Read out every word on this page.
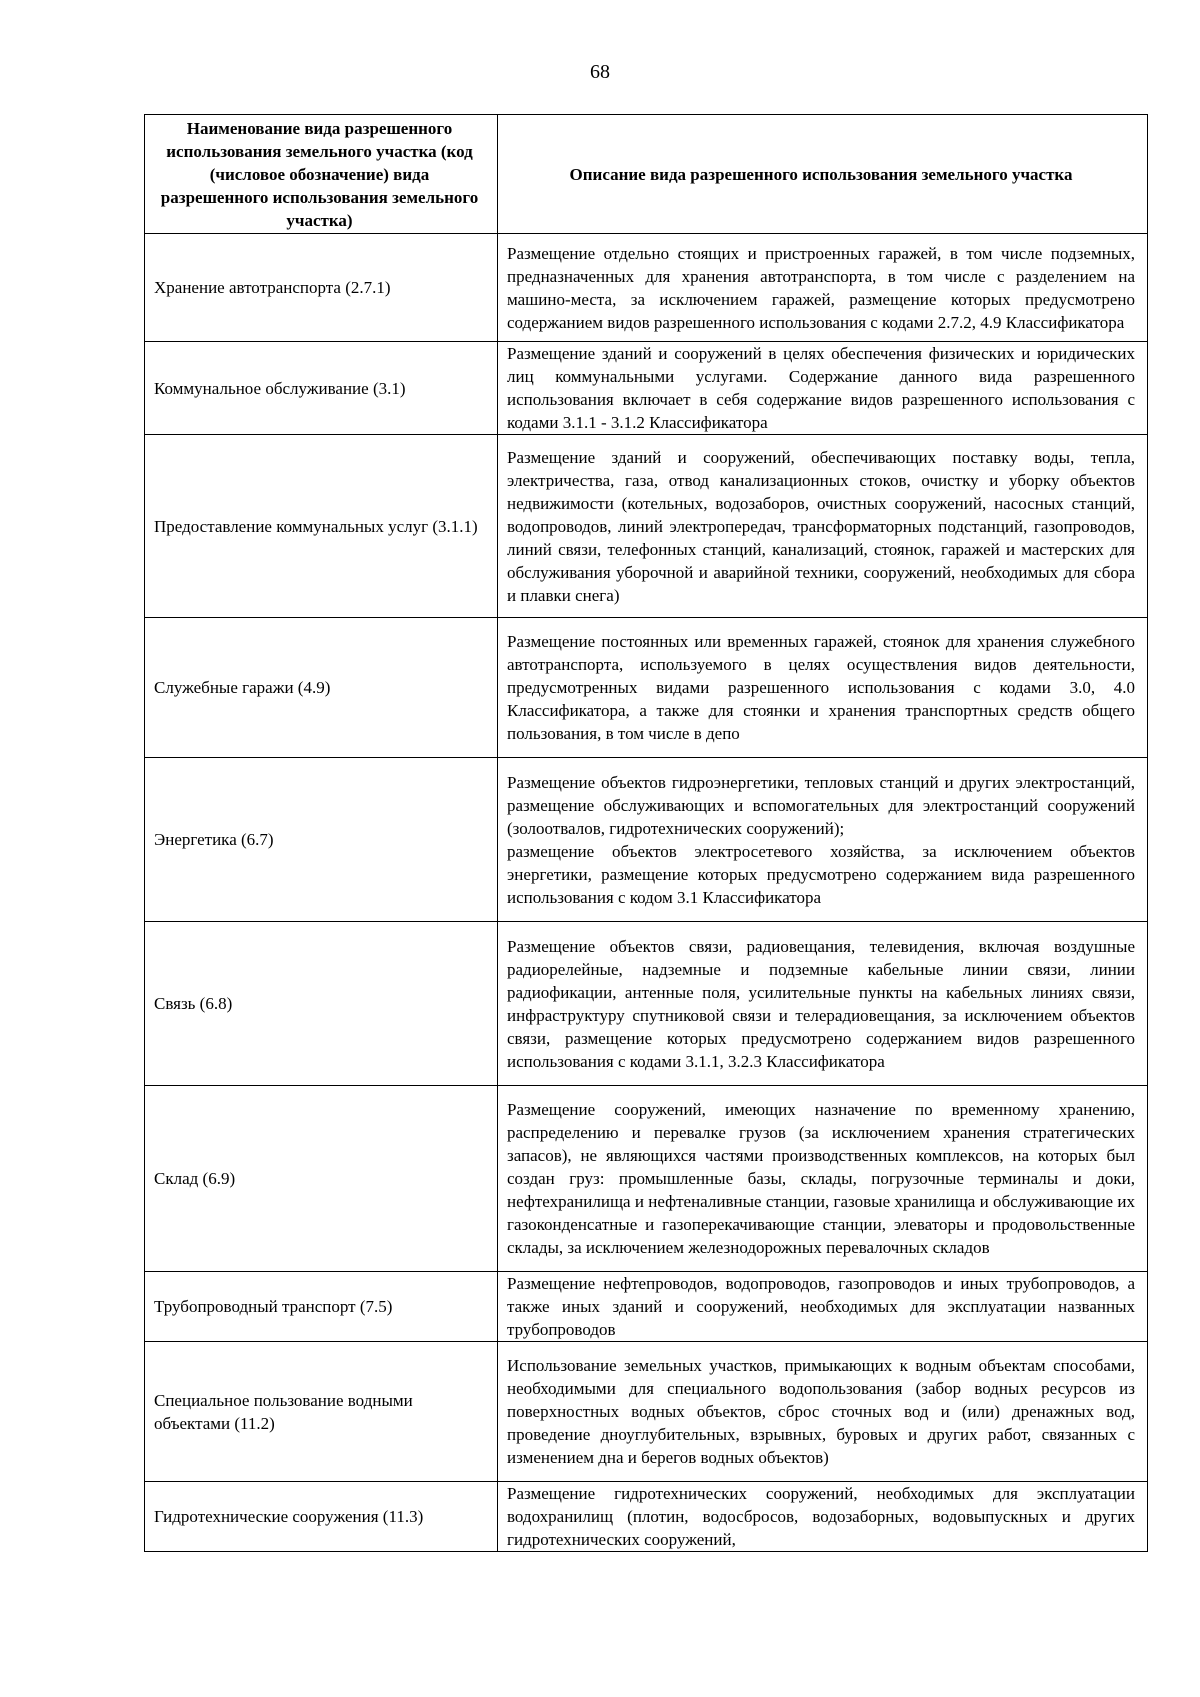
68
Наименование вида разрешенного использования земельного участка (код (числовое обозначение) вида разрешенного использования земельного участка)	Описание вида разрешенного использования земельного участка
Хранение автотранспорта (2.7.1)	Размещение отдельно стоящих и пристроенных гаражей, в том числе подземных, предназначенных для хранения автотранспорта, в том числе с разделением на машино-места, за исключением гаражей, размещение которых предусмотрено содержанием видов разрешенного использования с кодами 2.7.2, 4.9 Классификатора
Коммунальное обслуживание (3.1)	Размещение зданий и сооружений в целях обеспечения физических и юридических лиц коммунальными услугами. Содержание данного вида разрешенного использования включает в себя содержание видов разрешенного использования с кодами 3.1.1 - 3.1.2 Классификатора
Предоставление коммунальных услуг (3.1.1)	Размещение зданий и сооружений, обеспечивающих поставку воды, тепла, электричества, газа, отвод канализационных стоков, очистку и уборку объектов недвижимости (котельных, водозаборов, очистных сооружений, насосных станций, водопроводов, линий электропередач, трансформаторных подстанций, газопроводов, линий связи, телефонных станций, канализаций, стоянок, гаражей и мастерских для обслуживания уборочной и аварийной техники, сооружений, необходимых для сбора и плавки снега)
Служебные гаражи (4.9)	Размещение постоянных или временных гаражей, стоянок для хранения служебного автотранспорта, используемого в целях осуществления видов деятельности, предусмотренных видами разрешенного использования с кодами 3.0, 4.0 Классификатора, а также для стоянки и хранения транспортных средств общего пользования, в том числе в депо
Энергетика (6.7)	Размещение объектов гидроэнергетики, тепловых станций и других электростанций, размещение обслуживающих и вспомогательных для электростанций сооружений (золоотвалов, гидротехнических сооружений);
размещение объектов электросетевого хозяйства, за исключением объектов энергетики, размещение которых предусмотрено содержанием вида разрешенного использования с кодом 3.1 Классификатора

Связь (6.8)	Размещение объектов связи, радиовещания, телевидения, включая воздушные радиорелейные, надземные и подземные кабельные линии связи, линии радиофикации, антенные поля, усилительные пункты на кабельных линиях связи, инфраструктуру спутниковой связи и телерадиовещания, за исключением объектов связи, размещение которых предусмотрено содержанием видов разрешенного использования с кодами 3.1.1, 3.2.3 Классификатора
Склад (6.9)	Размещение сооружений, имеющих назначение по временному хранению, распределению и перевалке грузов (за исключением хранения стратегических запасов), не являющихся частями производственных комплексов, на которых был создан груз: промышленные базы, склады, погрузочные терминалы и доки, нефтехранилища и нефтеналивные станции, газовые хранилища и обслуживающие их газоконденсатные и газоперекачивающие станции, элеваторы и продовольственные склады, за исключением железнодорожных перевалочных складов
Трубопроводный транспорт (7.5)	Размещение нефтепроводов, водопроводов, газопроводов и иных трубопроводов, а также иных зданий и сооружений, необходимых для эксплуатации названных трубопроводов
Специальное пользование водными объектами (11.2)	Использование земельных участков, примыкающих к водным объектам способами, необходимыми для специального водопользования (забор водных ресурсов из поверхностных водных объектов, сброс сточных вод и (или) дренажных вод, проведение дноуглубительных, взрывных, буровых и других работ, связанных с изменением дна и берегов водных объектов)
Гидротехнические сооружения (11.3)	Размещение гидротехнических сооружений, необходимых для эксплуатации водохранилищ (плотин, водосбросов, водозаборных, водовыпускных и других гидротехнических сооружений,
